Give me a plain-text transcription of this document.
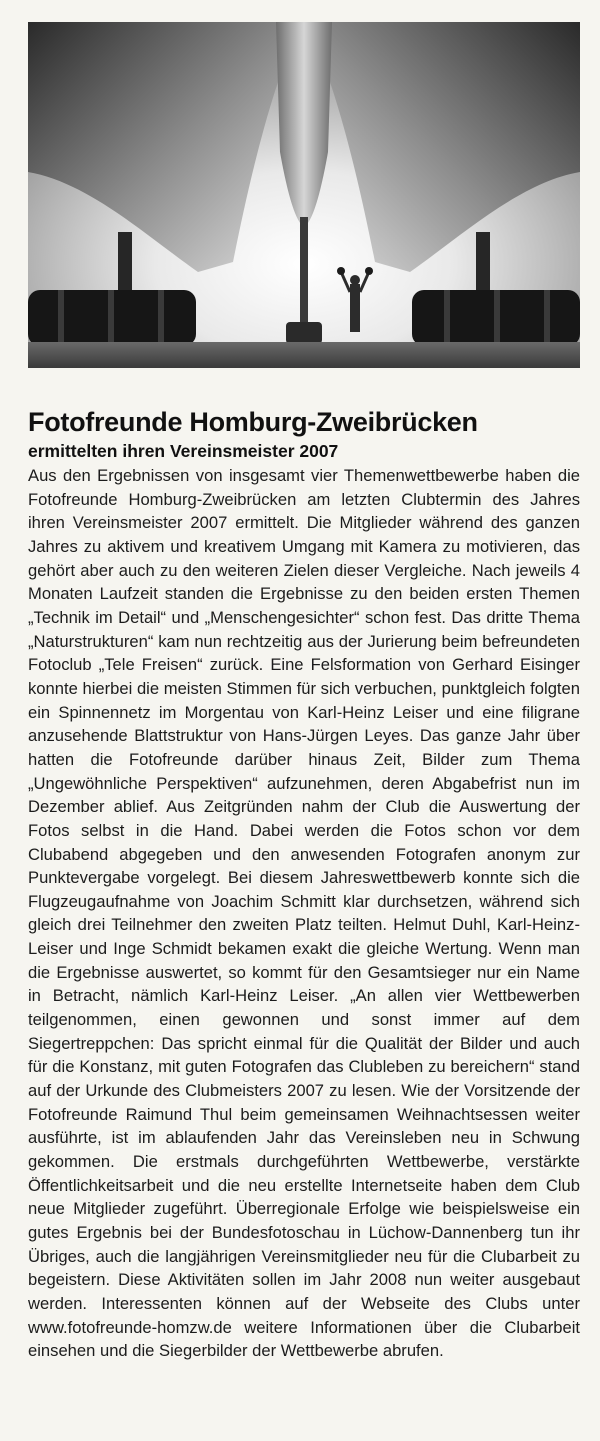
Fotofreunde Homburg-Zweibrücken
ermittelten ihren Vereinsmeister 2007

Aus den Ergebnissen von insgesamt vier Themenwettbewerbe haben die Fotofreunde Homburg-Zweibrücken am letzten Clubtermin des Jahres ihren Vereinsmeister 2007 ermittelt. Die Mitglieder während des ganzen Jahres zu aktivem und kreativem Umgang mit Kamera zu motivieren, das gehört aber auch zu den weiteren Zielen dieser Vergleiche. Nach jeweils 4 Monaten Laufzeit standen die Ergebnisse zu den beiden ersten Themen „Technik im Detail“ und „Menschengesichter“ schon fest. Das dritte Thema „Naturstrukturen“ kam nun rechtzeitig aus der Jurierung beim befreundeten Fotoclub „Tele Freisen“ zurück. Eine Felsformation von Gerhard Eisinger konnte hierbei die meisten Stimmen für sich verbuchen, punktgleich folgten ein Spinnennetz im Morgentau von Karl-Heinz Leiser und eine filigrane anzusehende Blattstruktur von Hans-Jürgen Leyes. Das ganze Jahr über hatten die Fotofreunde darüber hinaus Zeit, Bilder zum Thema „Ungewöhnliche Perspektiven“ aufzunehmen, deren Abgabefrist nun im Dezember ablief. Aus Zeitgründen nahm der Club die Auswertung der Fotos selbst in die Hand. Dabei werden die Fotos schon vor dem Clubabend abgegeben und den anwesenden Fotografen anonym zur Punktevergabe vorgelegt. Bei diesem Jahreswettbewerb konnte sich die Flugzeugaufnahme von Joachim Schmitt klar durchsetzen, während sich gleich drei Teilnehmer den zweiten Platz teilten. Helmut Duhl, Karl-Heinz-Leiser und Inge Schmidt bekamen exakt die gleiche Wertung. Wenn man die Ergebnisse auswertet, so kommt für den Gesamtsieger nur ein Name in Betracht, nämlich Karl-Heinz Leiser. „An allen vier Wettbewerben teilgenommen, einen gewonnen und sonst immer auf dem Siegertreppchen: Das spricht einmal für die Qualität der Bilder und auch für die Konstanz, mit guten Fotografen das Clubleben zu bereichern“ stand auf der Urkunde des Clubmeisters 2007 zu lesen. Wie der Vorsitzende der Fotofreunde Raimund Thul beim gemeinsamen Weihnachtsessen weiter ausführte, ist im ablaufenden Jahr das Vereinsleben neu in Schwung gekommen. Die erstmals durchgeführten Wettbewerbe, verstärkte Öffentlichkeitsarbeit und die neu erstellte Internetseite haben dem Club neue Mitglieder zugeführt. Überregionale Erfolge wie beispielsweise ein gutes Ergebnis bei der Bundesfotoschau in Lüchow-Dannenberg tun ihr Übriges, auch die langjährigen Vereinsmitglieder neu für die Clubarbeit zu begeistern. Diese Aktivitäten sollen im Jahr 2008 nun weiter ausgebaut werden. Interessenten können auf der Webseite des Clubs unter www.fotofreunde-homzw.de weitere Informationen über die Clubarbeit einsehen und die Siegerbilder der Wettbewerbe abrufen.
